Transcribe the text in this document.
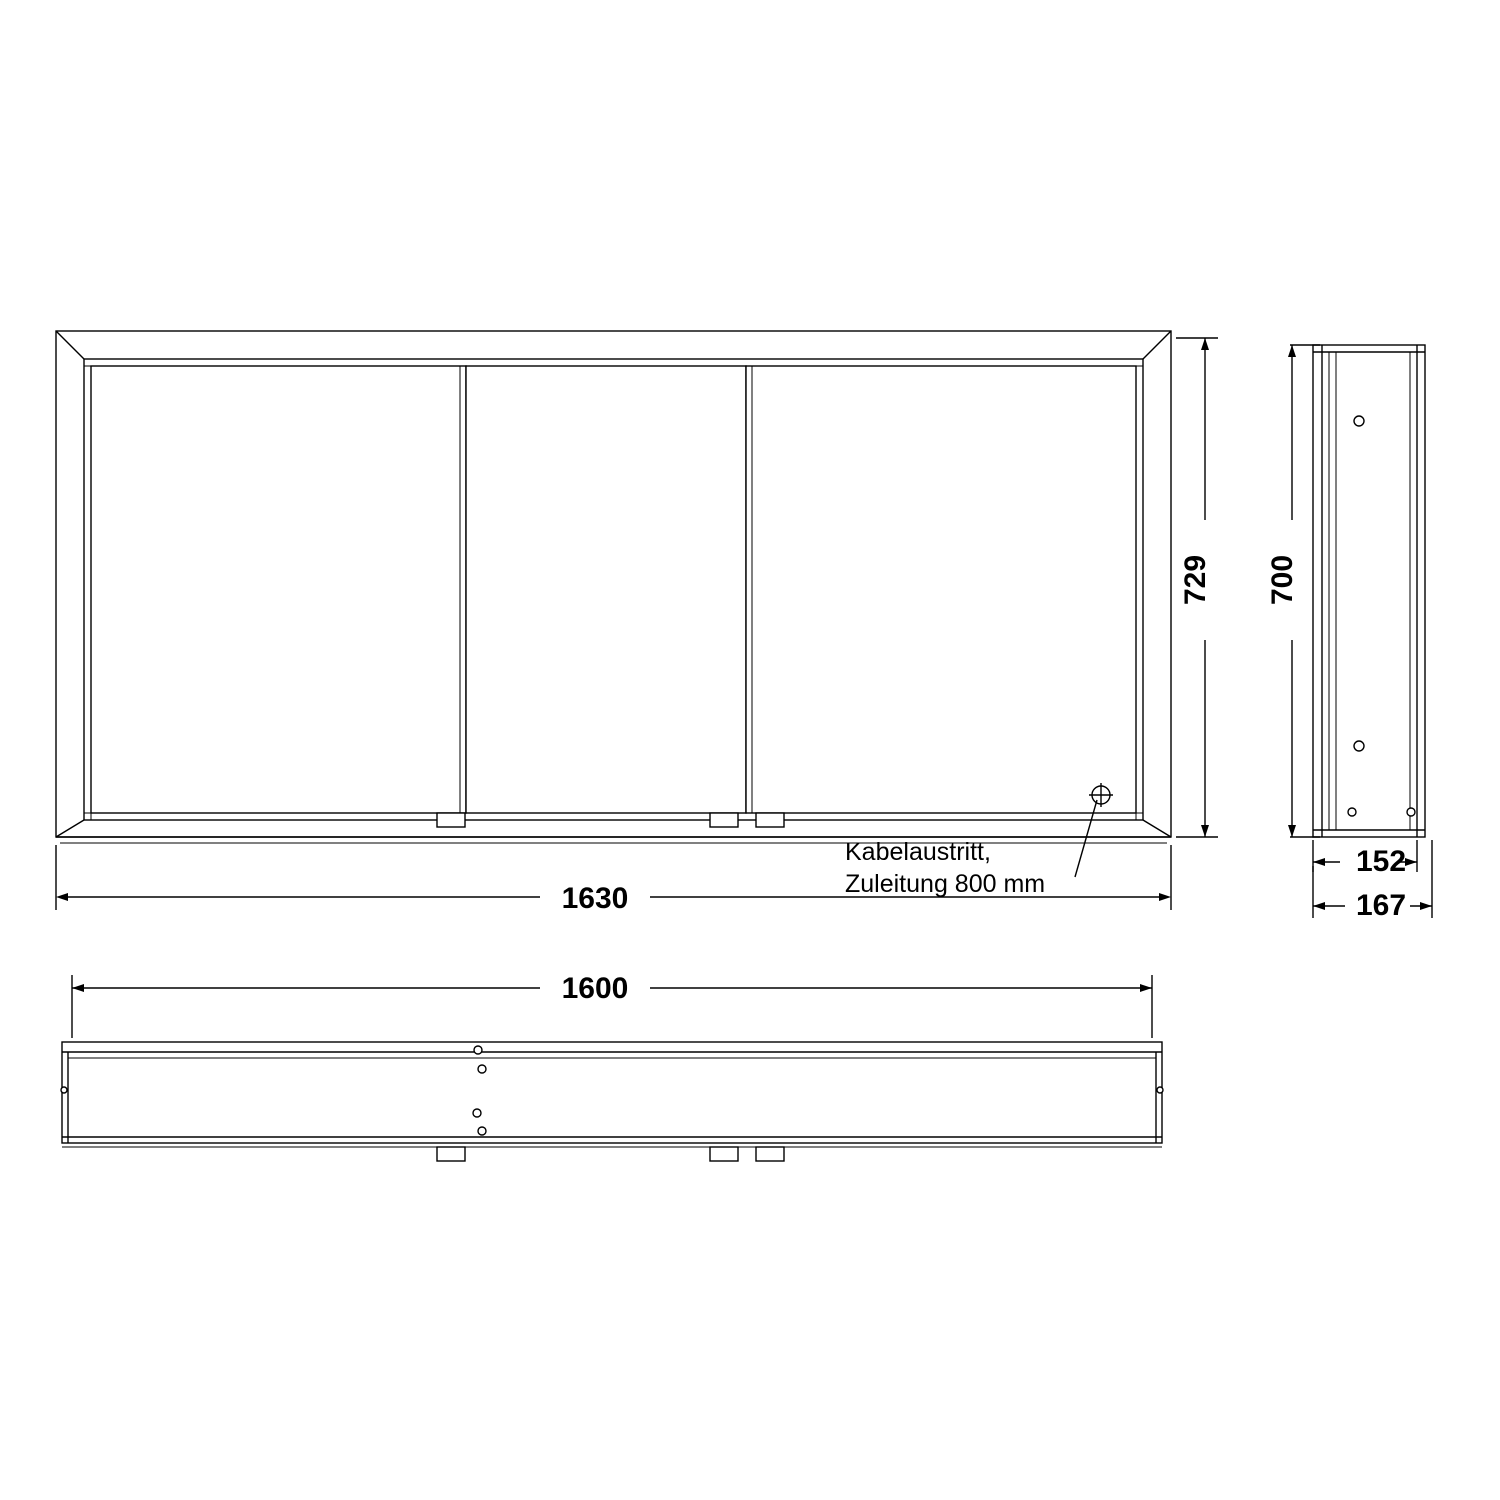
729
1630
Kabelaustritt,
Zuleitung 800 mm
700
152
167
1600
